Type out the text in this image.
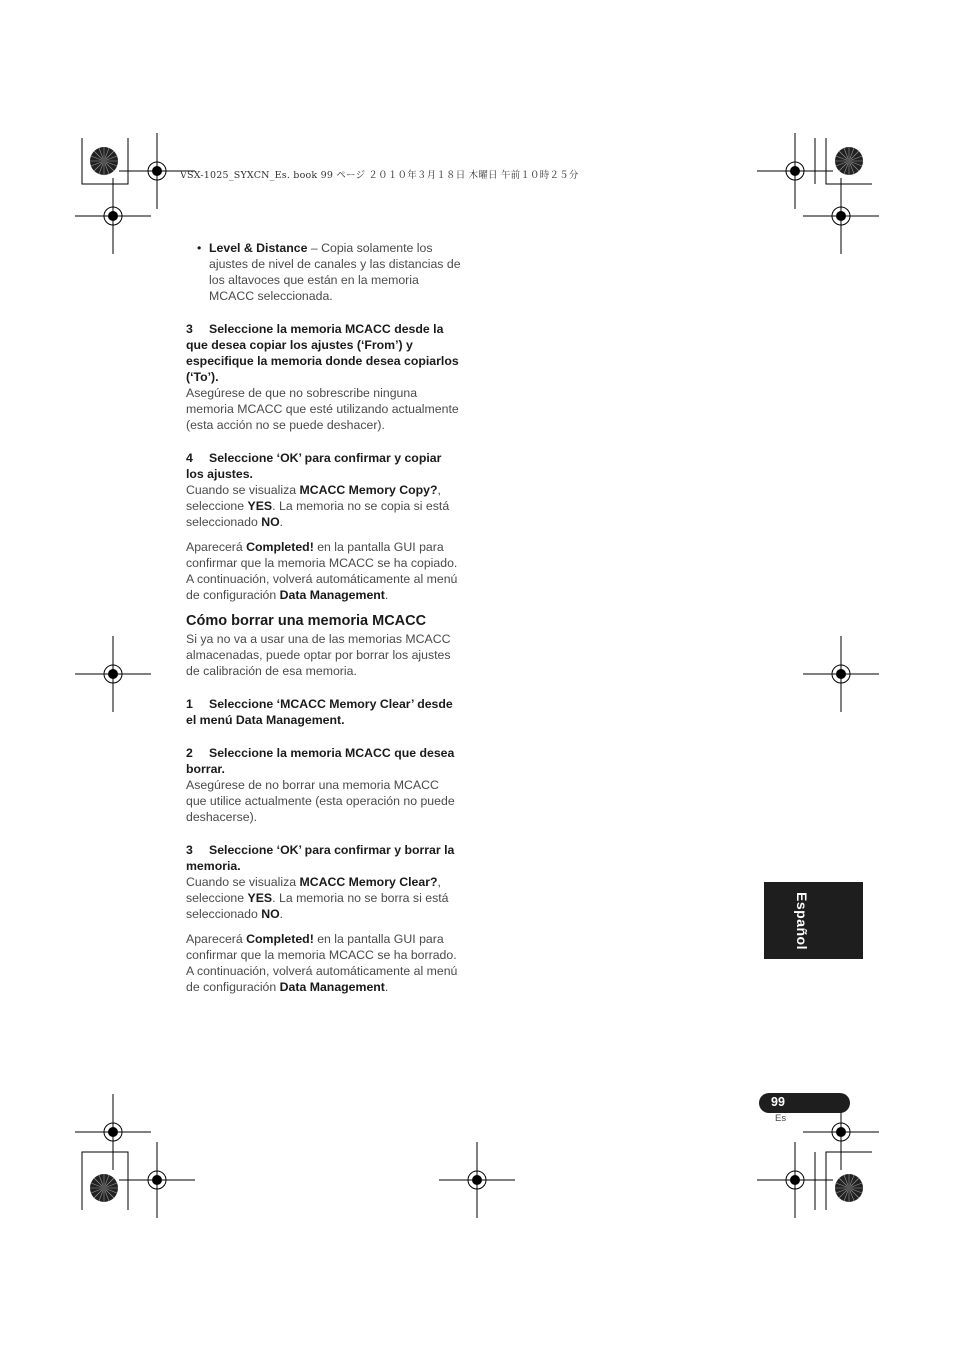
VSX-1025_SYXCN_Es. book 99 ページ ２０１０年３月１８日 木曜日 午前１０時２５分
• Level & Distance – Copia solamente los ajustes de nivel de canales y las distancias de los altavoces que están en la memoria MCACC seleccionada.

3 Seleccione la memoria MCACC desde la que desea copiar los ajustes (‘From’) y especifique la memoria donde desea copiarlos (‘To’).

Asegúrese de que no sobrescribe ninguna memoria MCACC que esté utilizando actualmente (esta acción no se puede deshacer).

4 Seleccione ‘OK’ para confirmar y copiar los ajustes.

Cuando se visualiza MCACC Memory Copy?, seleccione YES. La memoria no se copia si está seleccionado NO.

Aparecerá Completed! en la pantalla GUI para confirmar que la memoria MCACC se ha copiado. A continuación, volverá automáticamente al menú de configuración Data Management.

Cómo borrar una memoria MCACC

Si ya no va a usar una de las memorias MCACC almacenadas, puede optar por borrar los ajustes de calibración de esa memoria.

1 Seleccione ‘MCACC Memory Clear’ desde el menú Data Management.

2 Seleccione la memoria MCACC que desea borrar.

Asegúrese de no borrar una memoria MCACC que utilice actualmente (esta operación no puede deshacerse).

3 Seleccione ‘OK’ para confirmar y borrar la memoria.

Cuando se visualiza MCACC Memory Clear?, seleccione YES. La memoria no se borra si está seleccionado NO.

Aparecerá Completed! en la pantalla GUI para confirmar que la memoria MCACC se ha borrado. A continuación, volverá automáticamente al menú de configuración Data Management.

Español
99
Es
